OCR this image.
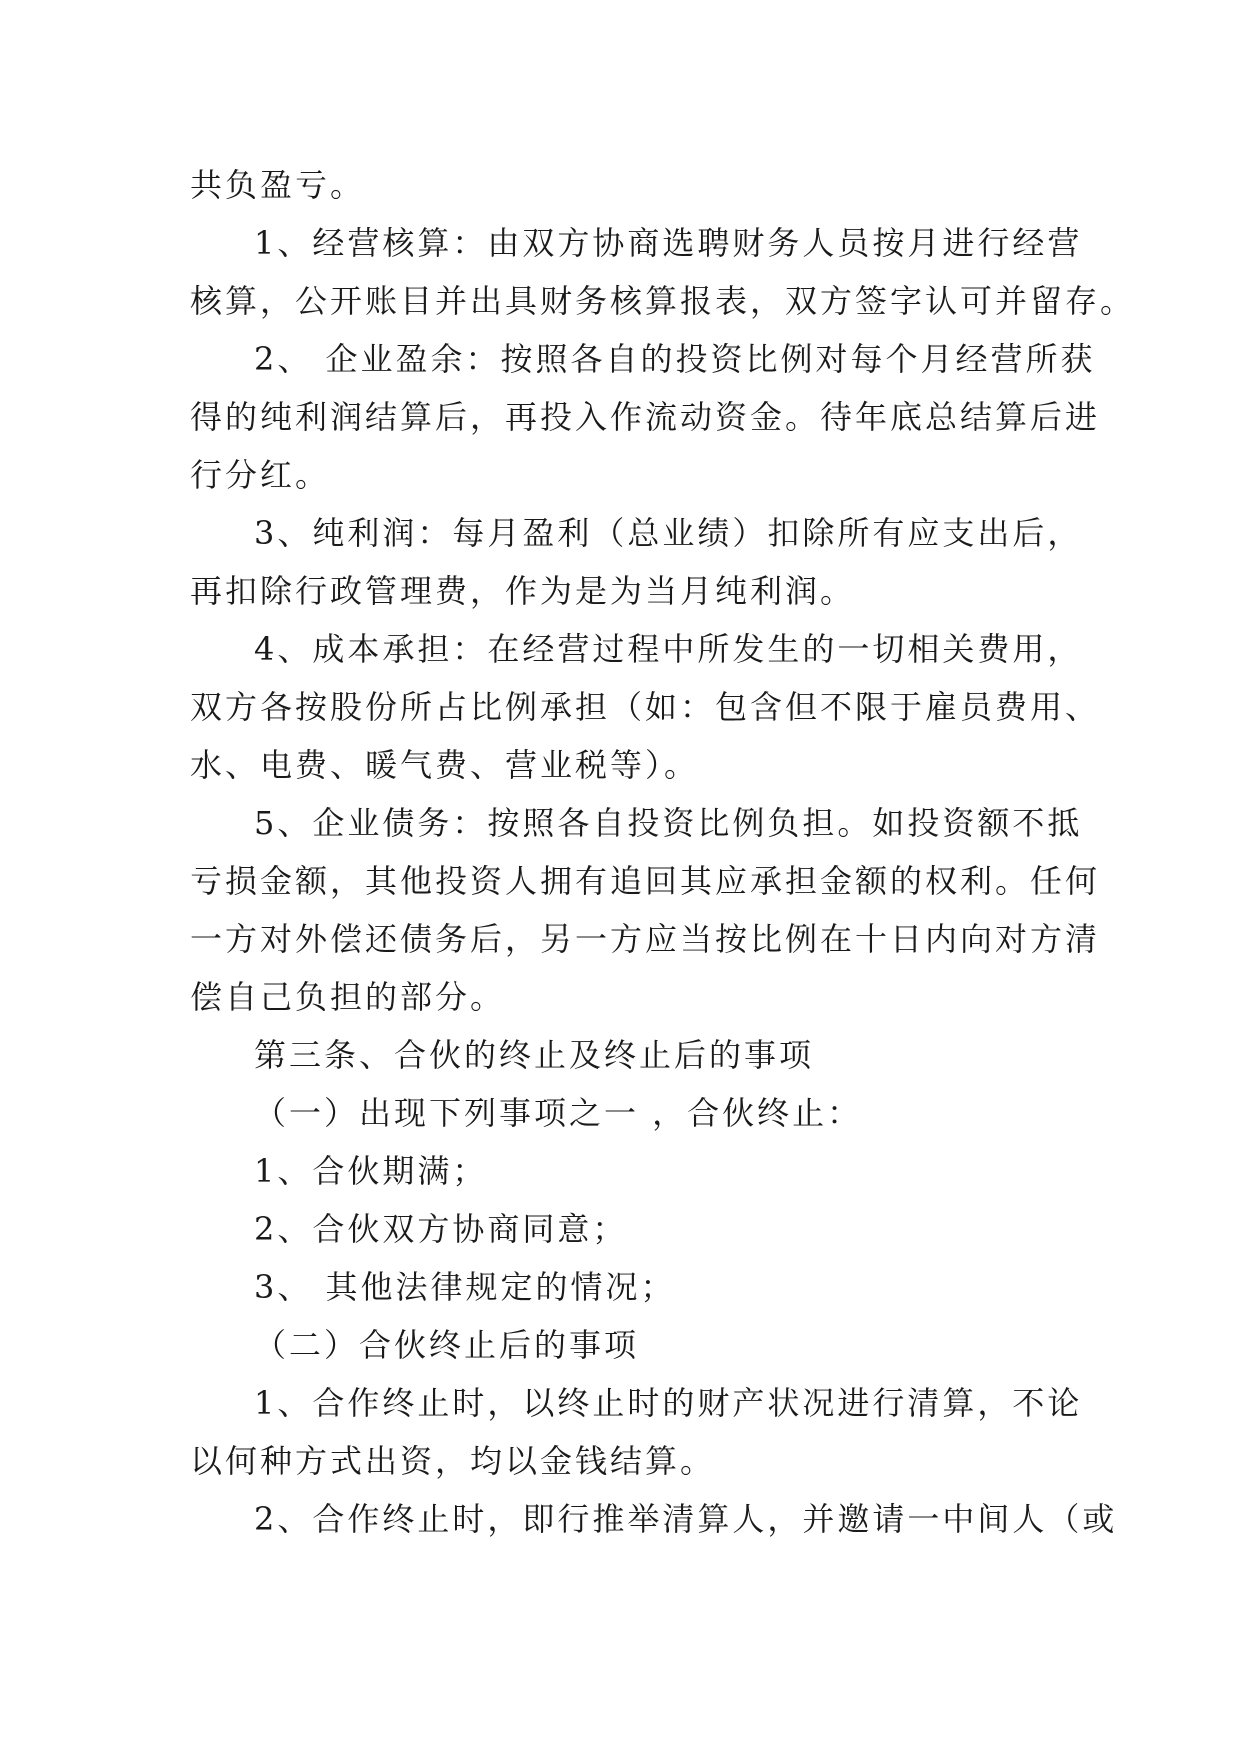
共负盈亏。
1、经营核算：由双方协商选聘财务人员按月进行经营
核算，公开账目并出具财务核算报表，双方签字认可并留存。
2、 企业盈余：按照各自的投资比例对每个月经营所获
得的纯利润结算后，再投入作流动资金。待年底总结算后进
行分红。
3、纯利润：每月盈利（总业绩）扣除所有应支出后，
再扣除行政管理费，作为是为当月纯利润。
4、成本承担：在经营过程中所发生的一切相关费用，
双方各按股份所占比例承担（如：包含但不限于雇员费用、
水、电费、暖气费、营业税等）。
5、企业债务：按照各自投资比例负担。如投资额不抵
亏损金额，其他投资人拥有追回其应承担金额的权利。任何
一方对外偿还债务后，另一方应当按比例在十日内向对方清
偿自己负担的部分。
第三条、合伙的终止及终止后的事项
（一）出现下列事项之一 ，合伙终止：
1、合伙期满；
2、合伙双方协商同意；
3、 其他法律规定的情况；
（二）合伙终止后的事项
1、合作终止时，以终止时的财产状况进行清算，不论
以何种方式出资，均以金钱结算。
2、合作终止时，即行推举清算人，并邀请一中间人（或
